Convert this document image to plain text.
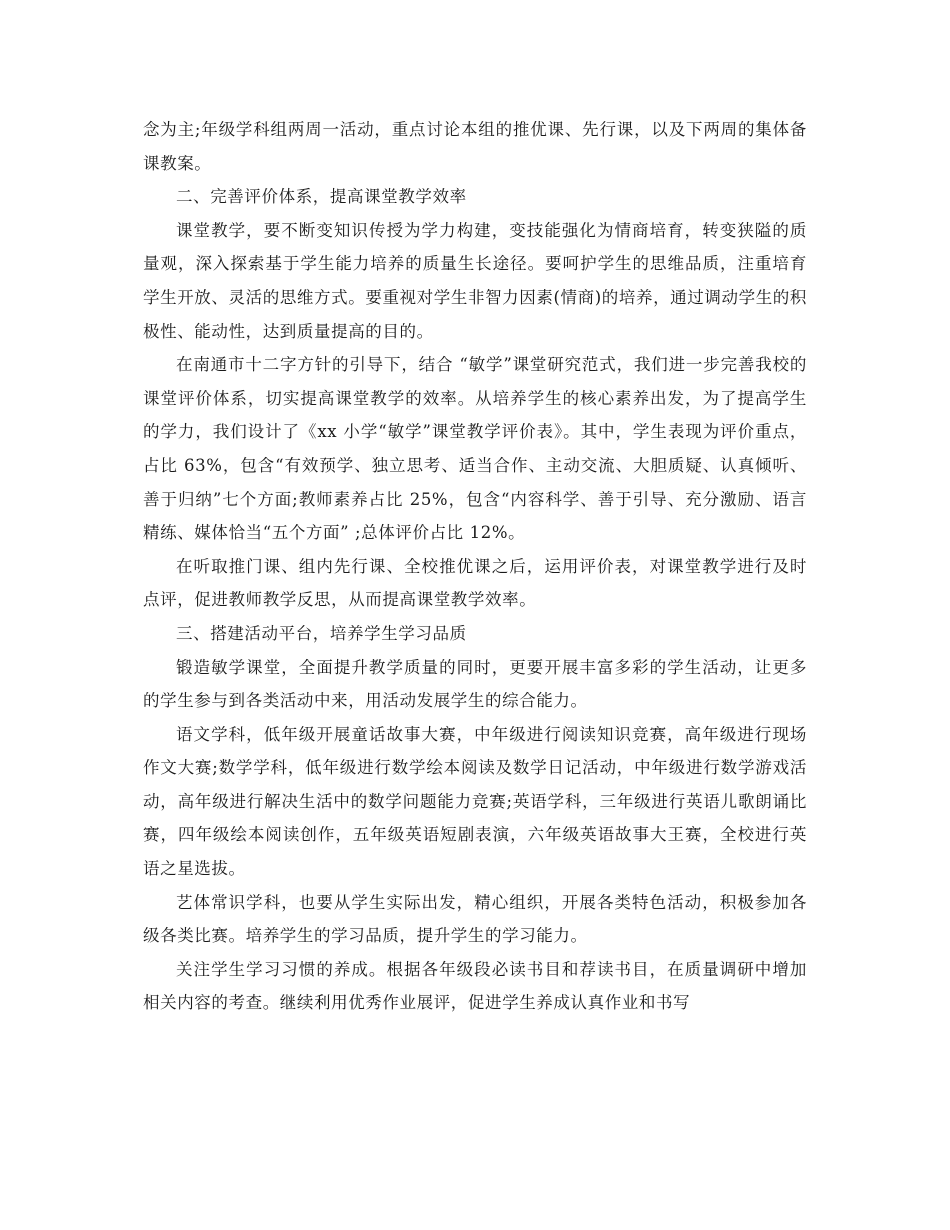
念为主;年级学科组两周一活动，重点讨论本组的推优课、先行课，以及下两周的集体备课教案。

二、完善评价体系，提高课堂教学效率

课堂教学，要不断变知识传授为学力构建，变技能强化为情商培育，转变狭隘的质量观，深入探索基于学生能力培养的质量生长途径。要呵护学生的思维品质，注重培育学生开放、灵活的思维方式。要重视对学生非智力因素(情商)的培养，通过调动学生的积极性、能动性，达到质量提高的目的。

在南通市十二字方针的引导下，结合 “敏学”课堂研究范式，我们进一步完善我校的课堂评价体系，切实提高课堂教学的效率。从培养学生的核心素养出发，为了提高学生的学力，我们设计了《xx 小学“敏学”课堂教学评价表》。其中，学生表现为评价重点，占比 63%，包含“有效预学、独立思考、适当合作、主动交流、大胆质疑、认真倾听、善于归纳”七个方面;教师素养占比 25%，包含“内容科学、善于引导、充分激励、语言精练、媒体恰当“五个方面” ;总体评价占比 12%。

在听取推门课、组内先行课、全校推优课之后，运用评价表，对课堂教学进行及时点评，促进教师教学反思，从而提高课堂教学效率。

三、搭建活动平台，培养学生学习品质

锻造敏学课堂，全面提升教学质量的同时，更要开展丰富多彩的学生活动，让更多的学生参与到各类活动中来，用活动发展学生的综合能力。

语文学科，低年级开展童话故事大赛，中年级进行阅读知识竞赛，高年级进行现场作文大赛;数学学科，低年级进行数学绘本阅读及数学日记活动，中年级进行数学游戏活动，高年级进行解决生活中的数学问题能力竞赛;英语学科，三年级进行英语儿歌朗诵比赛，四年级绘本阅读创作，五年级英语短剧表演，六年级英语故事大王赛，全校进行英语之星选拔。

艺体常识学科，也要从学生实际出发，精心组织，开展各类特色活动，积极参加各级各类比赛。培养学生的学习品质，提升学生的学习能力。

关注学生学习习惯的养成。根据各年级段必读书目和荐读书目，在质量调研中增加相关内容的考查。继续利用优秀作业展评，促进学生养成认真作业和书写
